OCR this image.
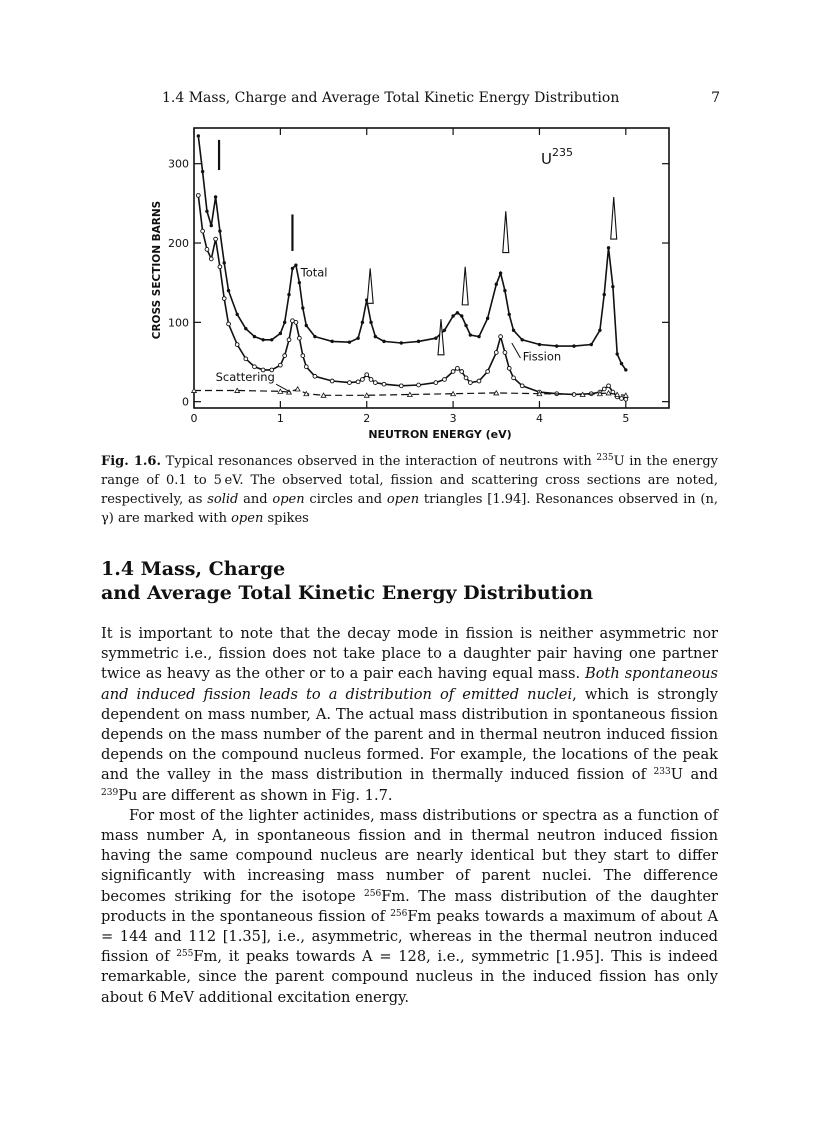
1.4 Mass, Charge and Average Total Kinetic Energy Distribution	7
0	1	2	3	4	5
0
100
200
300
Total
Fission
Scattering
CROSS SECTION BARNS
NEUTRON ENERGY (eV)
$U^{235}$
Fig. 1.6. Typical resonances observed in the interaction of neutrons with $^{235}$U in the energy range of 0.1 to 5 eV. The observed total, fission and scattering cross sections are noted, respectively, as solid and open circles and open triangles [1.94]. Resonances observed in (n, γ) are marked with open spikes
1.4 Mass, Charge
and Average Total Kinetic Energy Distribution

It is important to note that the decay mode in fission is neither asymmetric nor symmetric i.e., fission does not take place to a daughter pair having one partner twice as heavy as the other or to a pair each having equal mass. Both spontaneous and induced fission leads to a distribution of emitted nuclei, which is strongly dependent on mass number, A. The actual mass distribution in spontaneous fission depends on the mass number of the parent and in thermal neutron induced fission depends on the compound nucleus formed. For example, the locations of the peak and the valley in the mass distribution in thermally induced fission of $^{233}$U and $^{239}$Pu are different as shown in Fig. 1.7.

For most of the lighter actinides, mass distributions or spectra as a function of mass number A, in spontaneous fission and in thermal neutron induced fission having the same compound nucleus are nearly identical but they start to differ significantly with increasing mass number of parent nuclei. The difference becomes striking for the isotope $^{256}$Fm. The mass distribution of the daughter products in the spontaneous fission of $^{256}$Fm peaks towards a maximum of about A = 144 and 112 [1.35], i.e., asymmetric, whereas in the thermal neutron induced fission of $^{255}$Fm, it peaks towards A = 128, i.e., symmetric [1.95]. This is indeed remarkable, since the parent compound nucleus in the induced fission has only about 6 MeV additional excitation energy.
